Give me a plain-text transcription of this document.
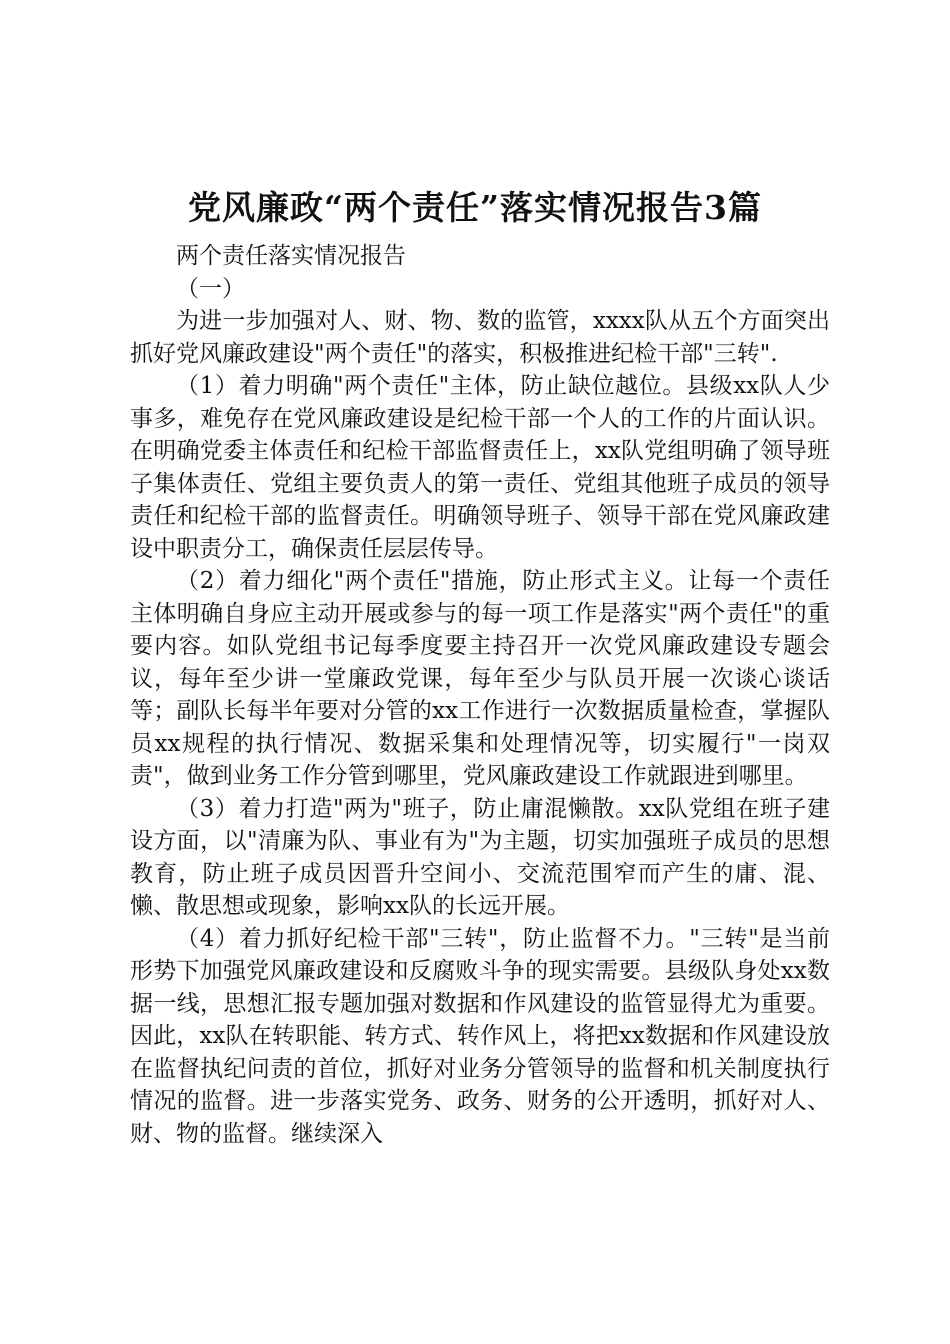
党风廉政“两个责任”落实情况报告3篇

两个责任落实情况报告

（一）

为进一步加强对人、财、物、数的监管，xxxx队从五个方面突出抓好党风廉政建设"两个责任"的落实，积极推进纪检干部"三转".

（1）着力明确"两个责任"主体，防止缺位越位。县级xx队人少事多，难免存在党风廉政建设是纪检干部一个人的工作的片面认识。在明确党委主体责任和纪检干部监督责任上，xx队党组明确了领导班子集体责任、党组主要负责人的第一责任、党组其他班子成员的领导责任和纪检干部的监督责任。明确领导班子、领导干部在党风廉政建设中职责分工，确保责任层层传导。

（2）着力细化"两个责任"措施，防止形式主义。让每一个责任主体明确自身应主动开展或参与的每一项工作是落实"两个责任"的重要内容。如队党组书记每季度要主持召开一次党风廉政建设专题会议，每年至少讲一堂廉政党课，每年至少与队员开展一次谈心谈话等；副队长每半年要对分管的xx工作进行一次数据质量检查，掌握队员xx规程的执行情况、数据采集和处理情况等，切实履行"一岗双责"，做到业务工作分管到哪里，党风廉政建设工作就跟进到哪里。

（3）着力打造"两为"班子，防止庸混懒散。xx队党组在班子建设方面，以"清廉为队、事业有为"为主题，切实加强班子成员的思想教育，防止班子成员因晋升空间小、交流范围窄而产生的庸、混、懒、散思想或现象，影响xx队的长远开展。

（4）着力抓好纪检干部"三转"，防止监督不力。"三转"是当前形势下加强党风廉政建设和反腐败斗争的现实需要。县级队身处xx数据一线，思想汇报专题加强对数据和作风建设的监管显得尤为重要。因此，xx队在转职能、转方式、转作风上，将把xx数据和作风建设放在监督执纪问责的首位，抓好对业务分管领导的监督和机关制度执行情况的监督。进一步落实党务、政务、财务的公开透明，抓好对人、财、物的监督。继续深入
